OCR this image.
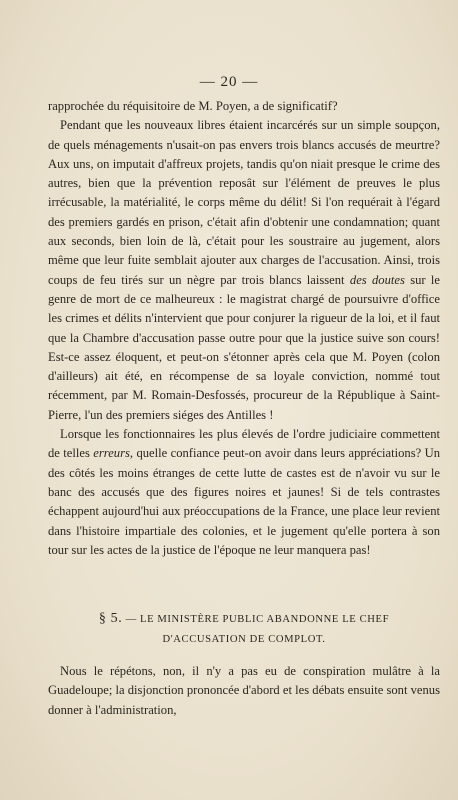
— 20 —

rapprochée du réquisitoire de M. Poyen, a de significatif?

Pendant que les nouveaux libres étaient incarcérés sur un simple soupçon, de quels ménagements n'usait-on pas envers trois blancs accusés de meurtre? Aux uns, on imputait d'affreux projets, tandis qu'on niait presque le crime des autres, bien que la prévention reposât sur l'élément de preuves le plus irrécusable, la matérialité, le corps même du délit! Si l'on requérait à l'égard des premiers gardés en prison, c'était afin d'obtenir une condamnation; quant aux seconds, bien loin de là, c'était pour les soustraire au jugement, alors même que leur fuite semblait ajouter aux charges de l'accusation. Ainsi, trois coups de feu tirés sur un nègre par trois blancs laissent des doutes sur le genre de mort de ce malheureux : le magistrat chargé de poursuivre d'office les crimes et délits n'intervient que pour conjurer la rigueur de la loi, et il faut que la Chambre d'accusation passe outre pour que la justice suive son cours! Est-ce assez éloquent, et peut-on s'étonner après cela que M. Poyen (colon d'ailleurs) ait été, en récompense de sa loyale conviction, nommé tout récemment, par M. Romain-Desfossés, procureur de la République à Saint-Pierre, l'un des premiers siéges des Antilles !

Lorsque les fonctionnaires les plus élevés de l'ordre judiciaire commettent de telles erreurs, quelle confiance peut-on avoir dans leurs appréciations? Un des côtés les moins étranges de cette lutte de castes est de n'avoir vu sur le banc des accusés que des figures noires et jaunes! Si de tels contrastes échappent aujourd'hui aux préoccupations de la France, une place leur revient dans l'histoire impartiale des colonies, et le jugement qu'elle portera à son tour sur les actes de la justice de l'époque ne leur manquera pas!

§ 5. — LE MINISTÈRE PUBLIC ABANDONNE LE CHEF
D'ACCUSATION DE COMPLOT.

Nous le répétons, non, il n'y a pas eu de conspiration mulâtre à la Guadeloupe; la disjonction prononcée d'abord et les débats ensuite sont venus donner à l'administration,
